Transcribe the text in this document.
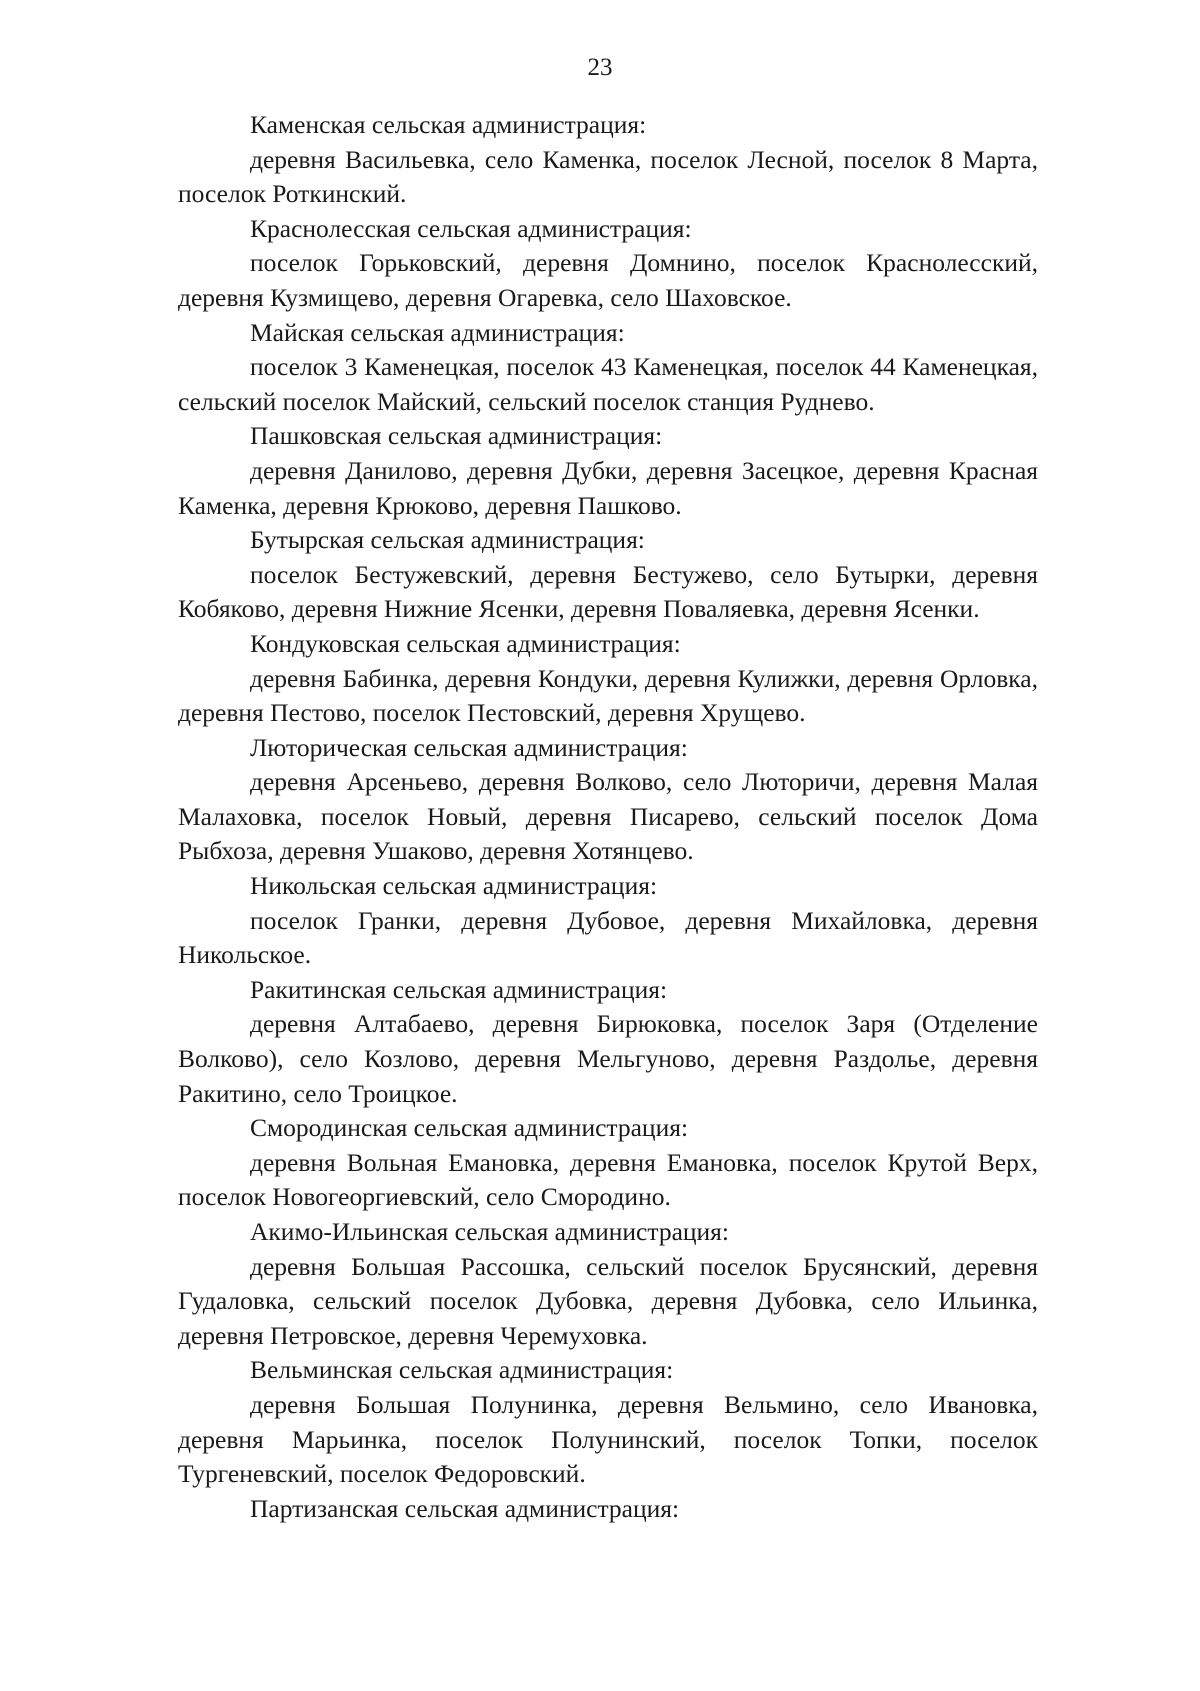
23

Каменская сельская администрация:

деревня Васильевка, село Каменка, поселок Лесной, поселок 8 Марта, поселок Роткинский.

Краснолесская сельская администрация:

поселок Горьковский, деревня Домнино, поселок Краснолесский, деревня Кузмищево, деревня Огаревка, село Шаховское.

Майская сельская администрация:

поселок 3 Каменецкая, поселок 43 Каменецкая, поселок 44 Каменецкая, сельский поселок Майский, сельский поселок станция Руднево.

Пашковская сельская администрация:

деревня Данилово, деревня Дубки, деревня Засецкое, деревня Красная Каменка, деревня Крюково, деревня Пашково.

Бутырская сельская администрация:

поселок Бестужевский, деревня Бестужево, село Бутырки, деревня Кобяково, деревня Нижние Ясенки, деревня Поваляевка, деревня Ясенки.

Кондуковская сельская администрация:

деревня Бабинка, деревня Кондуки, деревня Кулижки, деревня Орловка, деревня Пестово, поселок Пестовский, деревня Хрущево.

Люторическая сельская администрация:

деревня Арсеньево, деревня Волково, село Люторичи, деревня Малая Малаховка, поселок Новый, деревня Писарево, сельский поселок Дома Рыбхоза, деревня Ушаково, деревня Хотянцево.

Никольская сельская администрация:

поселок Гранки, деревня Дубовое, деревня Михайловка, деревня Никольское.

Ракитинская сельская администрация:

деревня Алтабаево, деревня Бирюковка, поселок Заря (Отделение Волково), село Козлово, деревня Мельгуново, деревня Раздолье, деревня Ракитино, село Троицкое.

Смородинская сельская администрация:

деревня Вольная Емановка, деревня Емановка, поселок Крутой Верх, поселок Новогеоргиевский, село Смородино.

Акимо-Ильинская сельская администрация:

деревня Большая Рассошка, сельский поселок Брусянский, деревня Гудаловка, сельский поселок Дубовка, деревня Дубовка, село Ильинка, деревня Петровское, деревня Черемуховка.

Вельминская сельская администрация:

деревня Большая Полунинка, деревня Вельмино, село Ивановка, деревня Марьинка, поселок Полунинский, поселок Топки, поселок Тургеневский, поселок Федоровский.

Партизанская сельская администрация:
